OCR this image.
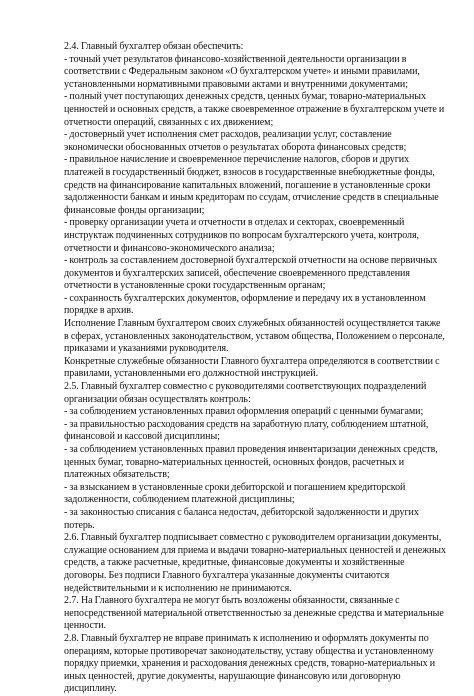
2.4. Главный бухгалтер обязан обеспечить:
- точный учет результатов финансово-хозяйственной деятельности организации в
соответствии с Федеральным законом «О бухгалтерском учете» и иными правилами,
установленными нормативными правовыми актами и внутренними документами;
- полный учет поступающих денежных средств, ценных бумаг, товарно-материальных
ценностей и основных средств, а также своевременное отражение в бухгалтерском учете и
отчетности операций, связанных с их движением;
- достоверный учет исполнения смет расходов, реализации услуг, составление
экономически обоснованных отчетов о результатах оборота финансовых средств;
- правильное начисление и своевременное перечисление налогов, сборов и других
платежей в государственный бюджет, взносов в государственные внебюджетные фонды,
средств на финансирование капитальных вложений, погашение в установленные сроки
задолженности банкам и иным кредиторам по ссудам, отчисление средств в специальные
финансовые фонды организации;
- проверку организации учета и отчетности в отделах и секторах, своевременный
инструктаж подчиненных сотрудников по вопросам бухгалтерского учета, контроля,
отчетности и финансово-экономического анализа;
- контроль за составлением достоверной бухгалтерской отчетности на основе первичных
документов и бухгалтерских записей, обеспечение своевременного представления
отчетности в установленные сроки государственным органам;
- сохранность бухгалтерских документов, оформление и передачу их в установленном
порядке в архив.
Исполнение Главным бухгалтером своих служебных обязанностей осуществляется также
в сферах, установленных законодательством, уставом общества, Положением о персонале,
приказами и указаниями руководителя.
Конкретные служебные обязанности Главного бухгалтера определяются в соответствии с
правилами, установленными его должностной инструкцией.
2.5. Главный бухгалтер совместно с руководителями соответствующих подразделений
организации обязан осуществлять контроль:
- за соблюдением установленных правил оформления операций с ценными бумагами;
- за правильностью расходования средств на заработную плату, соблюдением штатной,
финансовой и кассовой дисциплины;
- за соблюдением установленных правил проведения инвентаризации денежных средств,
ценных бумаг, товарно-материальных ценностей, основных фондов, расчетных и
платежных обязательств;
- за взысканием в установленные сроки дебиторской и погашением кредиторской
задолженности, соблюдением платежной дисциплины;
- за законностью списания с баланса недостач, дебиторской задолженности и других
потерь.
2.6. Главный бухгалтер подписывает совместно с руководителем организации документы,
служащие основанием для приема и выдачи товарно-материальных ценностей и денежных
средств, а также расчетные, кредитные, финансовые документы и хозяйственные
договоры. Без подписи Главного бухгалтера указанные документы считаются
недействительными и к исполнению не принимаются.
2.7. На Главного бухгалтера не могут быть возложены обязанности, связанные с
непосредственной материальной ответственностью за денежные средства и материальные
ценности.
2.8. Главный бухгалтер не вправе принимать к исполнению и оформлять документы по
операциям, которые противоречат законодательству, уставу общества и установленному
порядку приемки, хранения и расходования денежных средств, товарно-материальных и
иных ценностей, другие документы, нарушающие финансовую или договорную
дисциплину.
